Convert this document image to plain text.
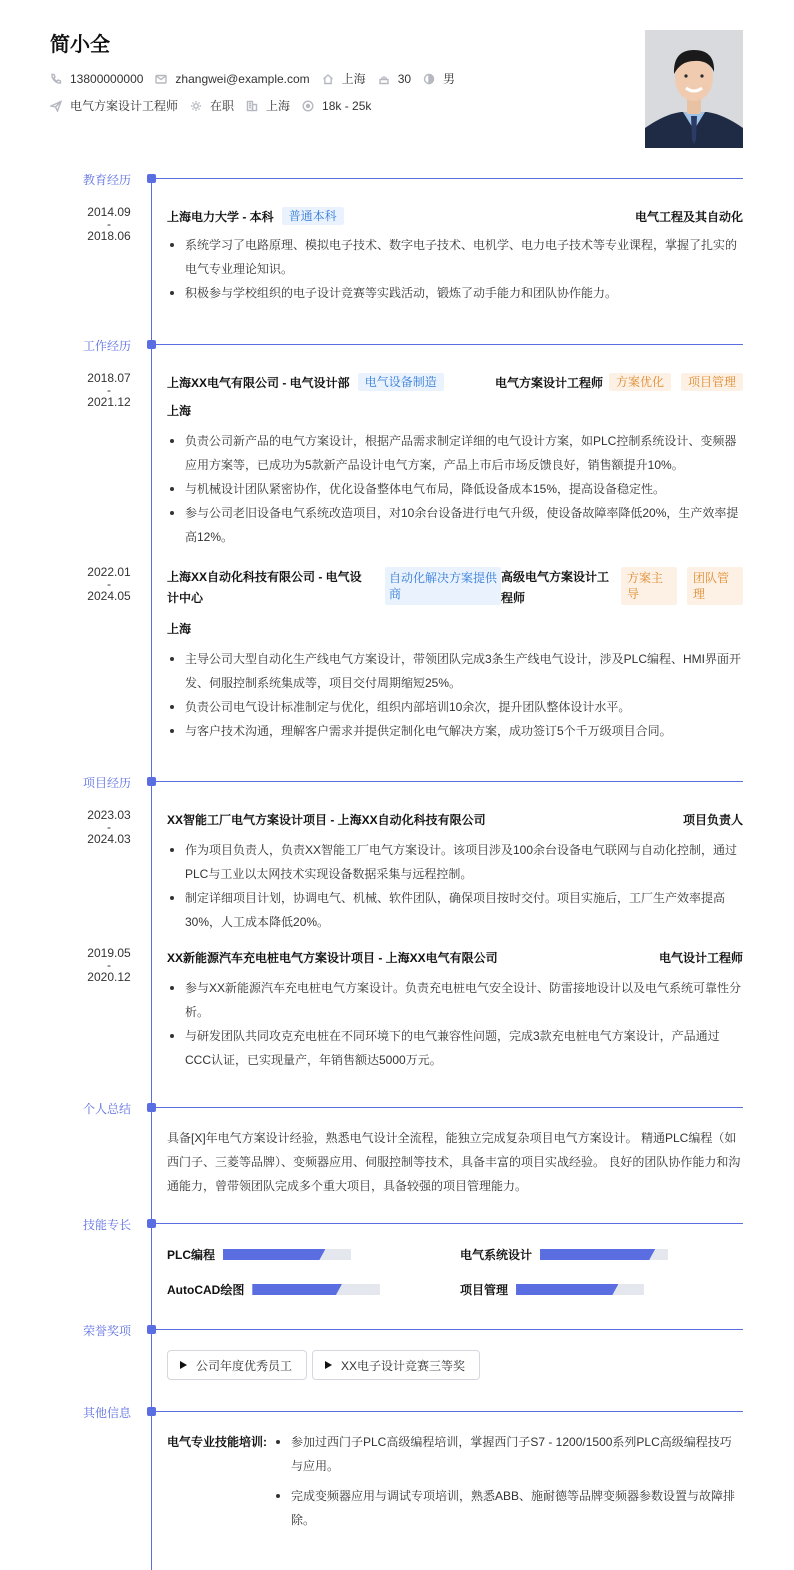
简小全
13800000000	zhangwei@example.com	上海	30	男
电气方案设计工程师	在职	上海	18k - 25k
教育经历
2014.09
-
2018.06
上海电力大学 - 本科	普通本科	电气工程及其自动化
系统学习了电路原理、模拟电子技术、数字电子技术、电机学、电力电子技术等专业课程，掌握了扎实的电气专业理论知识。
积极参与学校组织的电子设计竞赛等实践活动，锻炼了动手能力和团队协作能力。
工作经历
2018.07
-
2021.12
上海XX电气有限公司 - 电气设计部	电气设备制造	电气方案设计工程师	方案优化	项目管理
上海
负责公司新产品的电气方案设计，根据产品需求制定详细的电气设计方案，如PLC控制系统设计、变频器应用方案等，已成功为5款新产品设计电气方案，产品上市后市场反馈良好，销售额提升10%。
与机械设计团队紧密协作，优化设备整体电气布局，降低设备成本15%，提高设备稳定性。
参与公司老旧设备电气系统改造项目，对10余台设备进行电气升级，使设备故障率降低20%，生产效率提高12%。
2022.01
-
2024.05
上海XX自动化科技有限公司 - 电气设计中心
自动化解决方案提供商
高级电气方案设计工程师
方案主导
团队管理
上海
主导公司大型自动化生产线电气方案设计，带领团队完成3条生产线电气设计，涉及PLC编程、HMI界面开发、伺服控制系统集成等，项目交付周期缩短25%。
负责公司电气设计标准制定与优化，组织内部培训10余次，提升团队整体设计水平。
与客户技术沟通，理解客户需求并提供定制化电气解决方案，成功签订5个千万级项目合同。
项目经历
2023.03
-
2024.03
XX智能工厂电气方案设计项目 - 上海XX自动化科技有限公司	项目负责人
作为项目负责人，负责XX智能工厂电气方案设计。该项目涉及100余台设备电气联网与自动化控制，通过PLC与工业以太网技术实现设备数据采集与远程控制。
制定详细项目计划，协调电气、机械、软件团队，确保项目按时交付。项目实施后，工厂生产效率提高30%，人工成本降低20%。
2019.05
-
2020.12
XX新能源汽车充电桩电气方案设计项目 - 上海XX电气有限公司	电气设计工程师
参与XX新能源汽车充电桩电气方案设计。负责充电桩电气安全设计、防雷接地设计以及电气系统可靠性分析。
与研发团队共同攻克充电桩在不同环境下的电气兼容性问题，完成3款充电桩电气方案设计，产品通过CCC认证，已实现量产，年销售额达5000万元。
个人总结
具备[X]年电气方案设计经验，熟悉电气设计全流程，能独立完成复杂项目电气方案设计。 精通PLC编程（如西门子、三菱等品牌）、变频器应用、伺服控制等技术，具备丰富的项目实战经验。 良好的团队协作能力和沟通能力，曾带领团队完成多个重大项目，具备较强的项目管理能力。
技能专长
PLC编程	电气系统设计
AutoCAD绘图	项目管理
荣誉奖项
公司年度优秀员工	XX电子设计竞赛三等奖
其他信息
电气专业技能培训:	参加过西门子PLC高级编程培训，掌握西门子S7 - 1200/1500系列PLC高级编程技巧与应用。
完成变频器应用与调试专项培训，熟悉ABB、施耐德等品牌变频器参数设置与故障排除。
